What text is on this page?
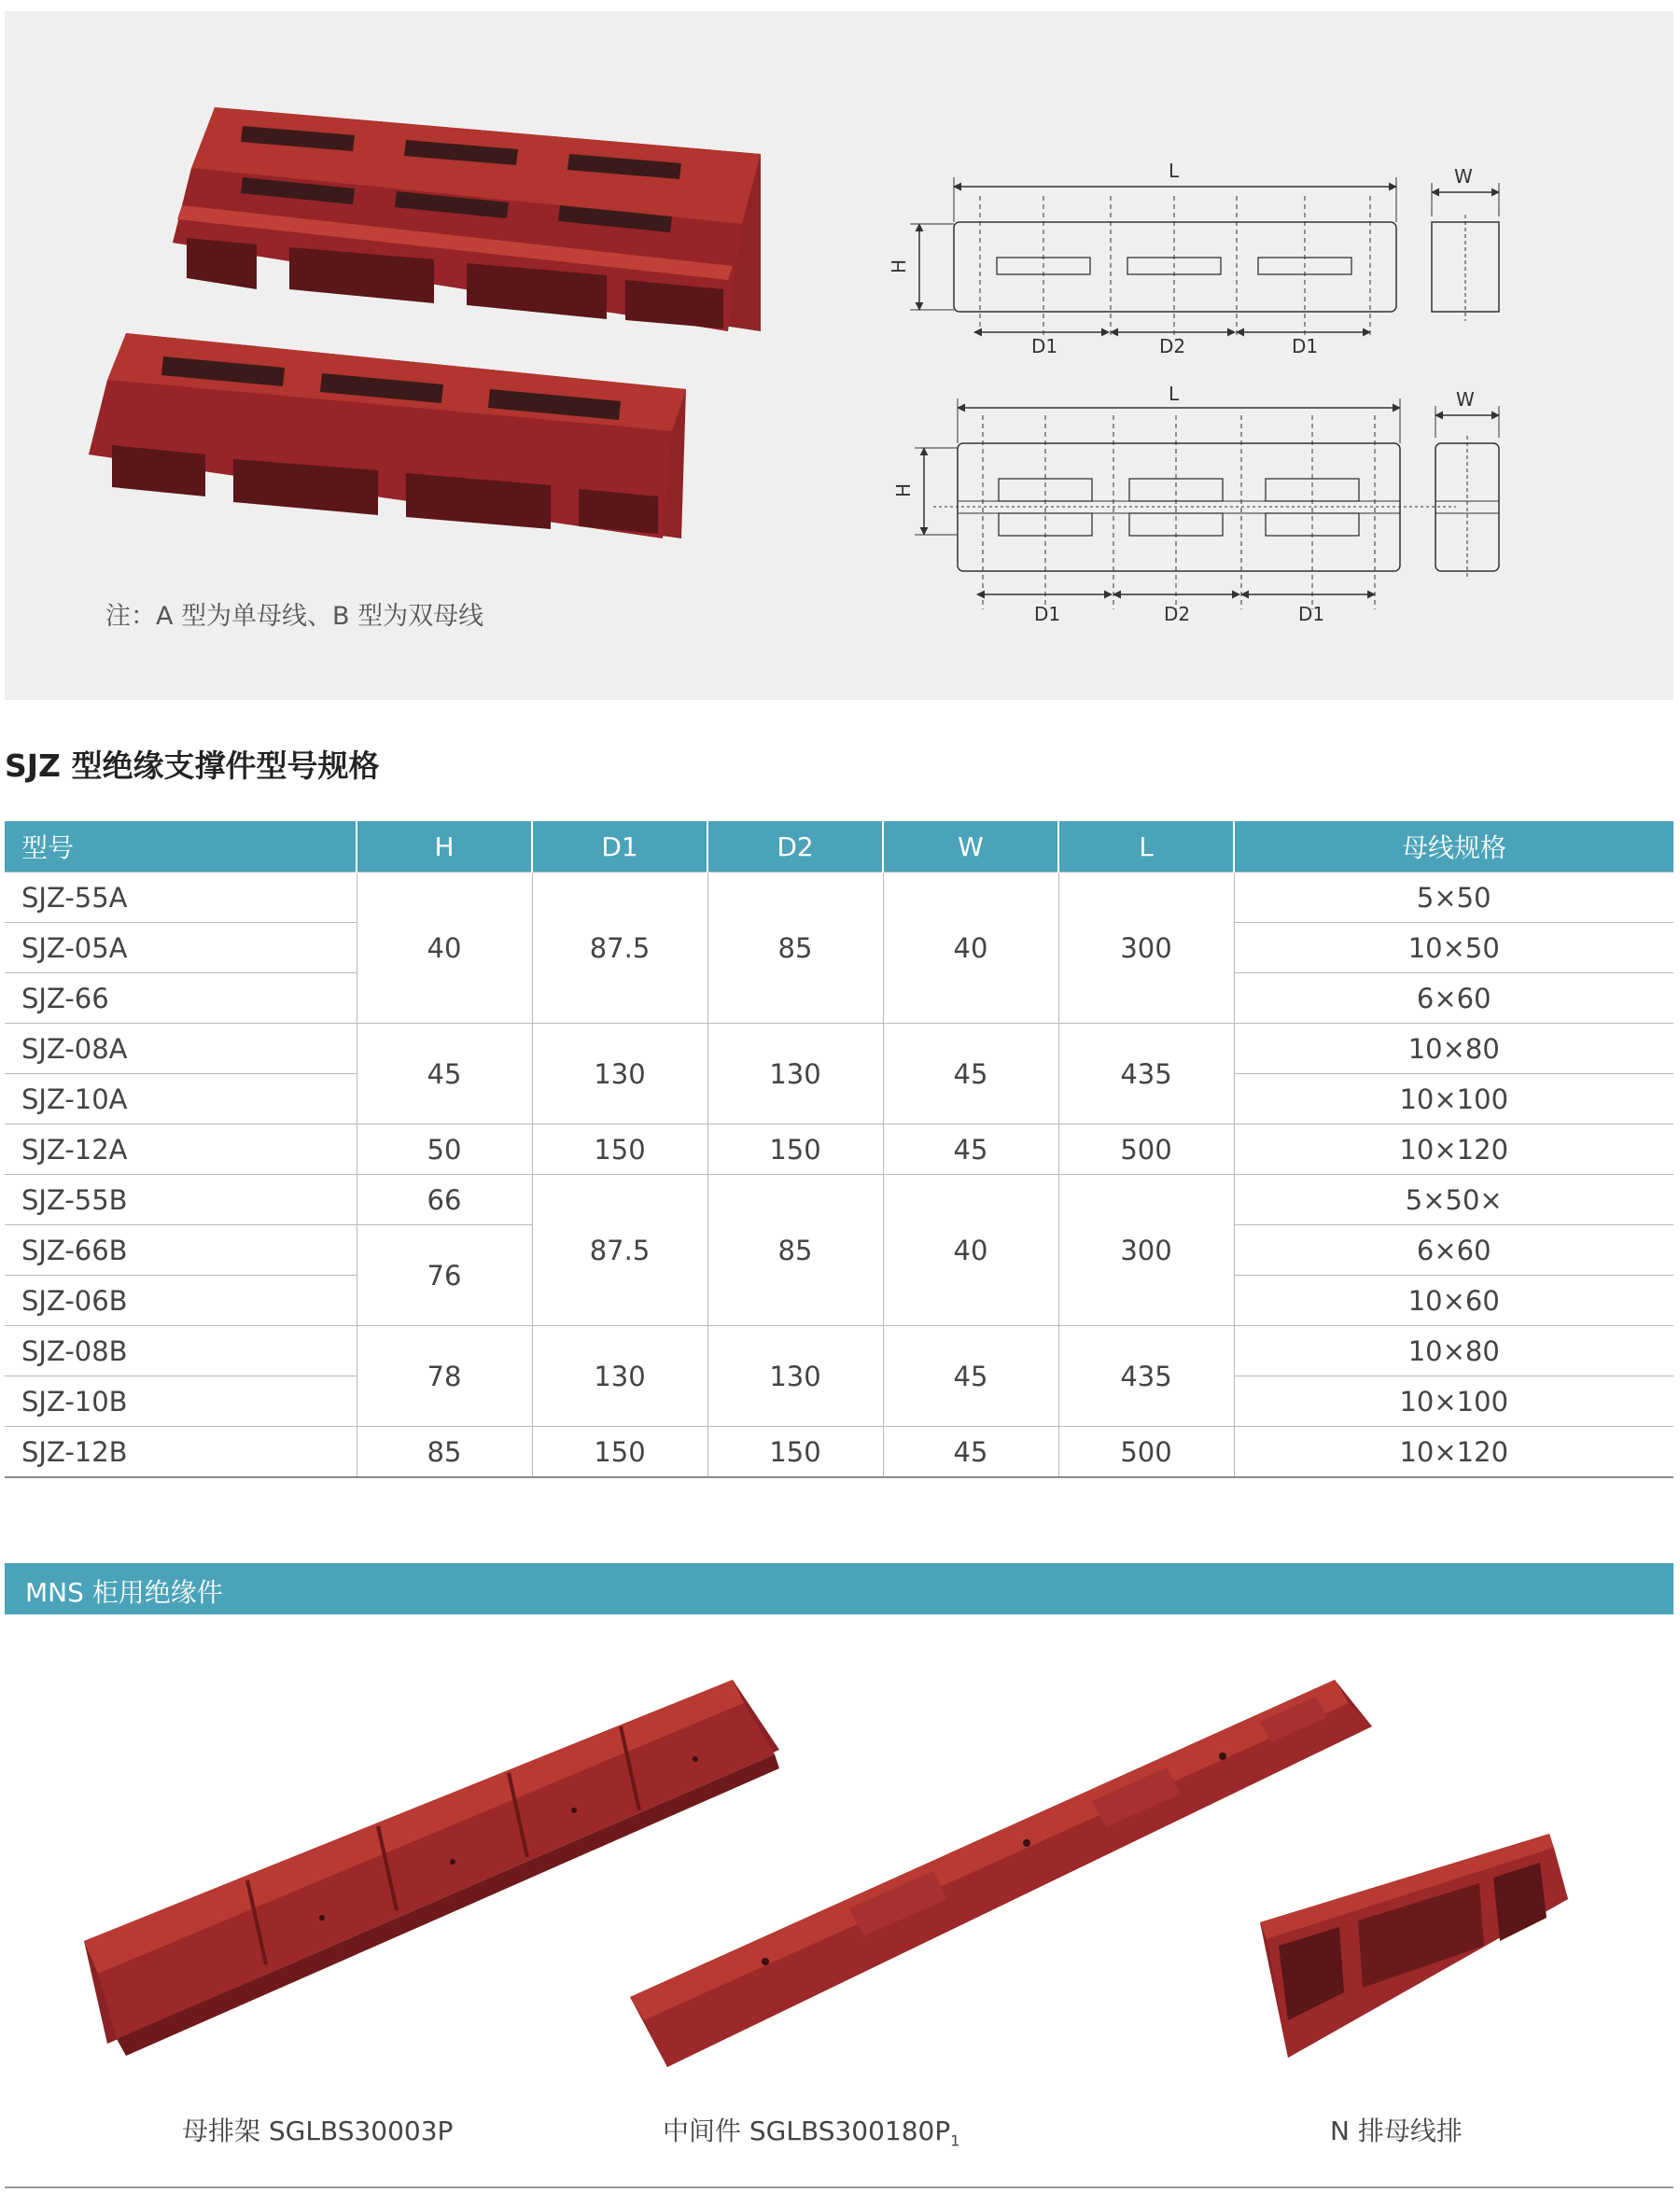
注：A 型为单母线、B 型为双母线
L
D1	D2	D1
H
W
L
D1	D2	D1
H
W
SJZ 型绝缘支撑件型号规格
型号	H	D1	D2	W	L	母线规格
SJZ-55A	40	87.5	85	40	300	5×50
SJZ-05A						10×50
SJZ-66						6×60
SJZ-08A	45	130	130	45	435	10×80
SJZ-10A						10×100
SJZ-12A	50	150	150	45	500	10×120
SJZ-55B	66	87.5	85	40	300	5×50×
SJZ-66B	76					6×60
SJZ-06B						10×60
SJZ-08B	78	130	130	45	435	10×80
SJZ-10B						10×100
SJZ-12B	85	150	150	45	500	10×120
MNS 柜用绝缘件
母排架 SGLBS30003P	中间件 $SGLBS300180P_1$	N 排母线排
